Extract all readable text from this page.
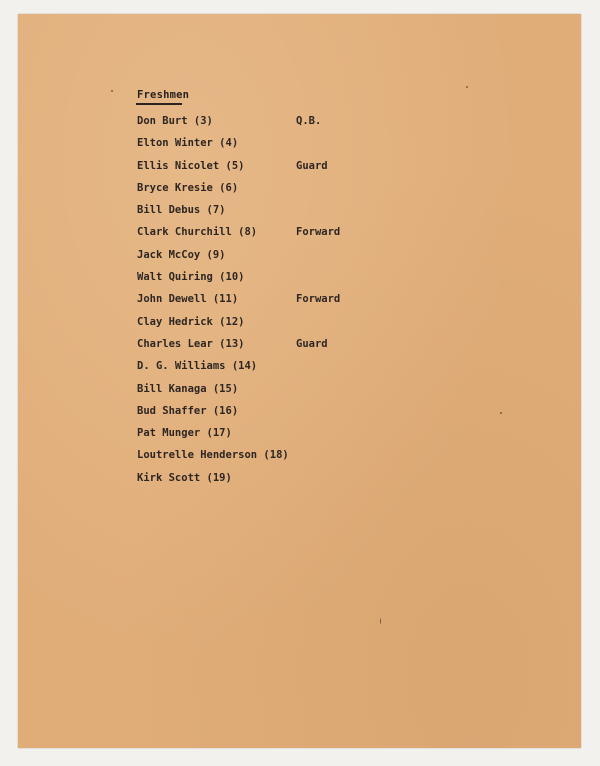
Freshmen
Don Burt (3)	Q.B.
Elton Winter (4)
Ellis Nicolet (5)	Guard
Bryce Kresie (6)
Bill Debus (7)
Clark Churchill (8)	Forward
Jack McCoy (9)
Walt Quiring (10)
John Dewell (11)	Forward
Clay Hedrick (12)
Charles Lear (13)	Guard
D. G. Williams (14)
Bill Kanaga (15)
Bud Shaffer (16)
Pat Munger (17)
Loutrelle Henderson (18)
Kirk Scott (19)
